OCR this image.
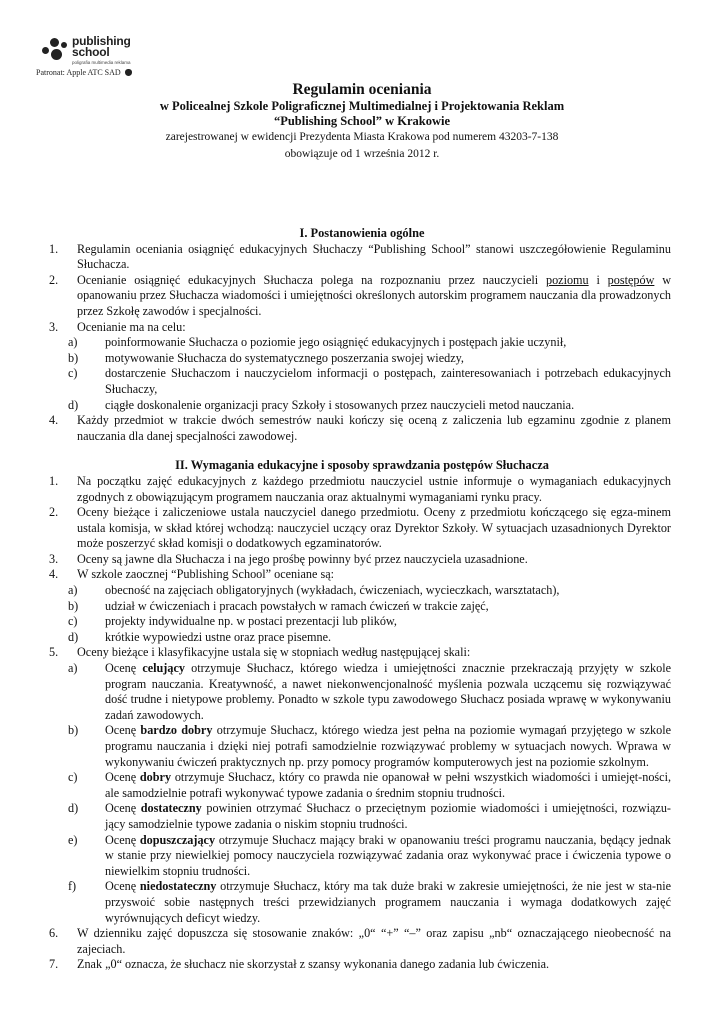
publishing
school
poligrafia multimedia reklama
Patronat: Apple ATC SAD
Regulamin oceniania
w Policealnej Szkole Poligraficznej Multimedialnej i Projektowania Reklam
“Publishing School” w Krakowie
zarejestrowanej w ewidencji Prezydenta Miasta Krakowa pod numerem 43203-7-138
obowiązuje od 1 września 2012 r.
I. Postanowienia ogólne
1. Regulamin oceniania osiągnięć edukacyjnych Słuchaczy “Publishing School” stanowi uszczegółowienie Regulaminu Słuchacza.
2. Ocenianie osiągnięć edukacyjnych Słuchacza polega na rozpoznaniu przez nauczycieli poziomu i postępów w opanowaniu przez Słuchacza wiadomości i umiejętności określonych autorskim programem nauczania dla prowadzonych przez Szkołę zawodów i specjalności.
3. Ocenianie ma na celu:
a) poinformowanie Słuchacza o poziomie jego osiągnięć edukacyjnych i postępach jakie uczynił,
b) motywowanie Słuchacza do systematycznego poszerzania swojej wiedzy,
c) dostarczenie Słuchaczom i nauczycielom informacji o postępach, zainteresowaniach i potrzebach edukacyjnych Słuchaczy,
d) ciągłe doskonalenie organizacji pracy Szkoły i stosowanych przez nauczycieli metod nauczania.
4. Każdy przedmiot w trakcie dwóch semestrów nauki kończy się oceną z zaliczenia lub egzaminu zgodnie z planem nauczania dla danej specjalności zawodowej.
II. Wymagania edukacyjne i sposoby sprawdzania postępów Słuchacza
1. Na początku zajęć edukacyjnych z każdego przedmiotu nauczyciel ustnie informuje o wymaganiach edukacyjnych zgodnych z obowiązującym programem nauczania oraz aktualnymi wymaganiami rynku pracy.
2. Oceny bieżące i zaliczeniowe ustala nauczyciel danego przedmiotu. Oceny z przedmiotu kończącego się egza-minem ustala komisja, w skład której wchodzą: nauczyciel uczący oraz Dyrektor Szkoły. W sytuacjach uzasadnionych Dyrektor może poszerzyć skład komisji o dodatkowych egzaminatorów.
3. Oceny są jawne dla Słuchacza i na jego prośbę powinny być przez nauczyciela uzasadnione.
4. W szkole zaocznej “Publishing School” oceniane są:
a) obecność na zajęciach obligatoryjnych (wykładach, ćwiczeniach, wycieczkach, warsztatach),
b) udział w ćwiczeniach i pracach powstałych w ramach ćwiczeń w trakcie zajęć,
c) projekty indywidualne np. w postaci prezentacji lub plików,
d) krótkie wypowiedzi ustne oraz prace pisemne.
5. Oceny bieżące i klasyfikacyjne ustala się w stopniach według następującej skali:
a) Ocenę celujący otrzymuje Słuchacz, którego wiedza i umiejętności znacznie przekraczają przyjęty w szkole program nauczania. Kreatywność, a nawet niekonwencjonalność myślenia pozwala uczącemu się rozwiązywać dość trudne i nietypowe problemy. Ponadto w szkole typu zawodowego Słuchacz posiada wprawę w wykonywaniu zadań zawodowych.
b) Ocenę bardzo dobry otrzymuje Słuchacz, którego wiedza jest pełna na poziomie wymagań przyjętego w szkole programu nauczania i dzięki niej potrafi samodzielnie rozwiązywać problemy w sytuacjach nowych. Wprawa w wykonywaniu ćwiczeń praktycznych np. przy pomocy programów komputerowych jest na poziomie szkolnym.
c) Ocenę dobry otrzymuje Słuchacz, który co prawda nie opanował w pełni wszystkich wiadomości i umiejęt-ności, ale samodzielnie potrafi wykonywać typowe zadania o średnim stopniu trudności.
d) Ocenę dostateczny powinien otrzymać Słuchacz o przeciętnym poziomie wiadomości i umiejętności, rozwiązu-jący samodzielnie typowe zadania o niskim stopniu trudności.
e) Ocenę dopuszczający otrzymuje Słuchacz mający braki w opanowaniu treści programu nauczania, będący jednak w stanie przy niewielkiej pomocy nauczyciela rozwiązywać zadania oraz wykonywać prace i ćwiczenia typowe o niewielkim stopniu trudności.
f) Ocenę niedostateczny otrzymuje Słuchacz, który ma tak duże braki w zakresie umiejętności, że nie jest w sta-nie przyswoić sobie następnych treści przewidzianych programem nauczania i wymaga dodatkowych zajęć wyrównujących deficyt wiedzy.
6. W dzienniku zajęć dopuszcza się stosowanie znaków: „0“ “+” “–” oraz zapisu „nb“ oznaczającego nieobecność na zajeciach.
7. Znak „0“ oznacza, że słuchacz nie skorzystał z szansy wykonania danego zadania lub ćwiczenia.
